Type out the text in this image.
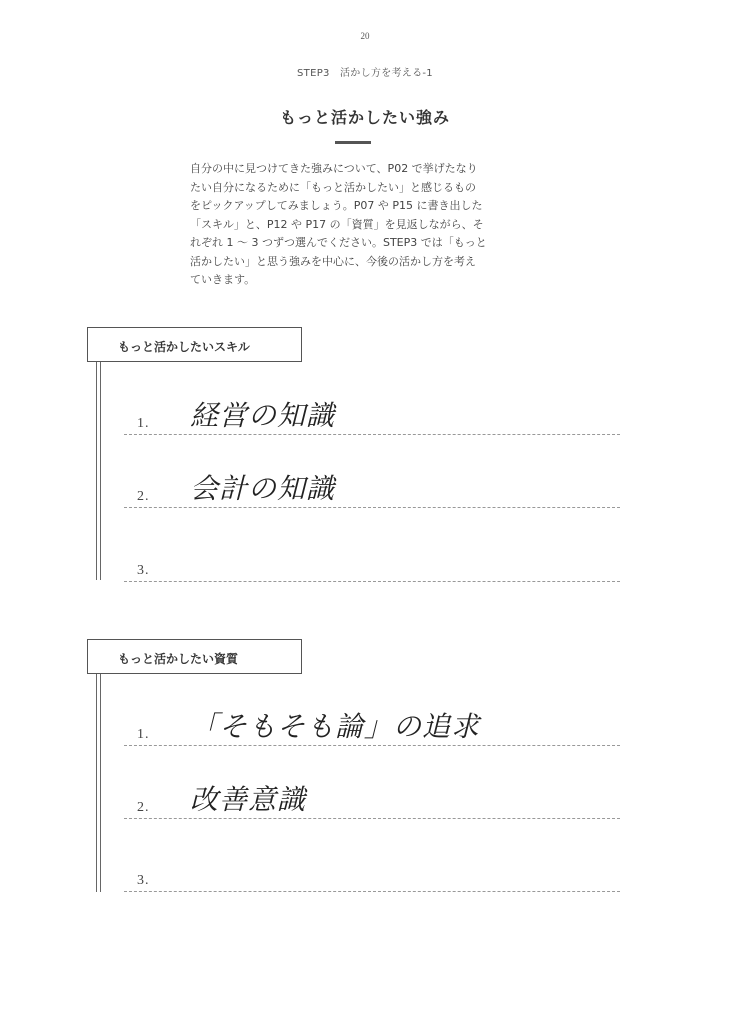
20
STEP3　活かし方を考える-1
もっと活かしたい強み

自分の中に見つけてきた強みについて、P02 で挙げたなり
たい自分になるために「もっと活かしたい」と感じるもの
をピックアップしてみましょう。P07 や P15 に書き出した
「スキル」と、P12 や P17 の「資質」を見返しながら、そ
れぞれ 1 ～ 3 つずつ選んでください。STEP3 では「もっと
活かしたい」と思う強みを中心に、今後の活かし方を考え
ていきます。

もっと活かしたいスキル
1. 経営の知識
2. 会計の知識
3.
もっと活かしたい資質
1. 「そもそも論」の追求
2. 改善意識
3.
